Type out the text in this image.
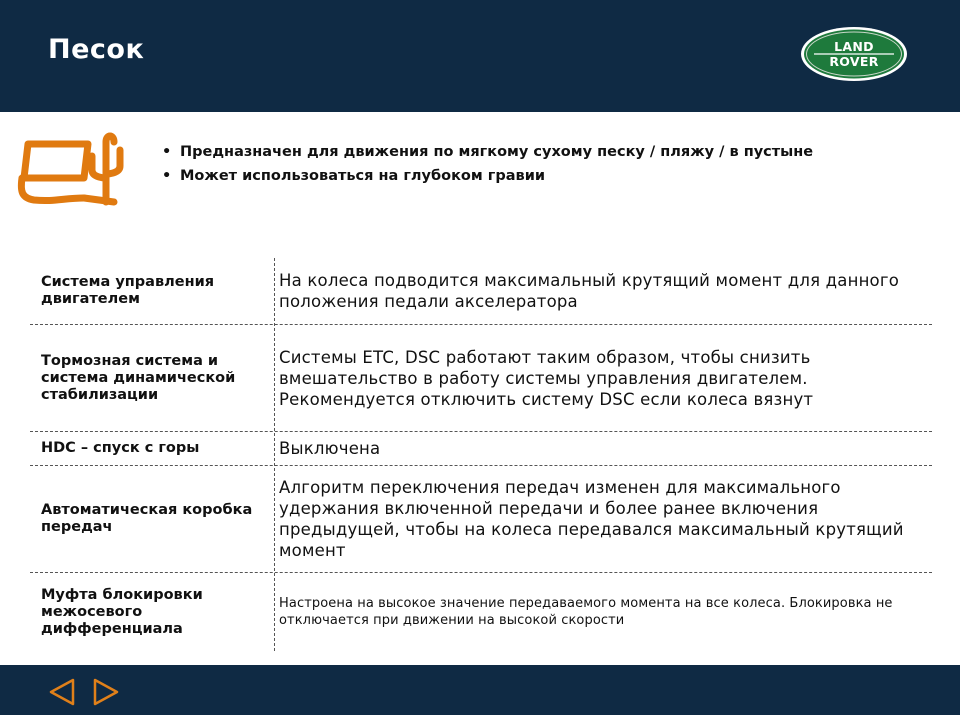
Песок	LAND
ROVER
• Предназначен для движения по мягкому сухому песку / пляжу / в пустыне
• Может использоваться на глубоком гравии
Система управления двигателем
На колеса подводится максимальный крутящий момент для данного положения педали акселератора
Тормозная система и система динамической стабилизации
Системы ETC, DSC работают таким образом, чтобы снизить вмешательство в работу системы управления двигателем. Рекомендуется отключить систему DSC если колеса вязнут
HDC – спуск с горы	Выключена
Автоматическая коробка передач
Алгоритм переключения передач изменен для максимального удержания включенной передачи и более ранее включения предыдущей, чтобы на колеса передавался максимальный крутящий момент
Муфта блокировки межосевого дифференциала
Настроена на высокое значение передаваемого момента на все колеса. Блокировка не отключается при движении на высокой скорости
